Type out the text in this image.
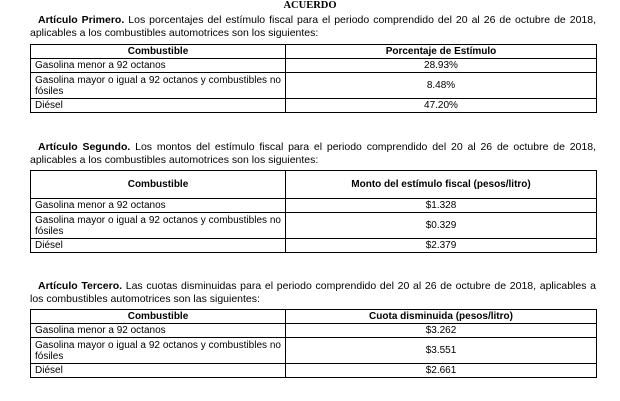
ACUERDO
Artículo Primero. Los porcentajes del estímulo fiscal para el periodo comprendido del 20 al 26 de octubre de 2018, aplicables a los combustibles automotrices son los siguientes:
Combustible	Porcentaje de Estímulo
Gasolina menor a 92 octanos	28.93%
Gasolina mayor o igual a 92 octanos y combustibles no fósiles	8.48%
Diésel	47.20%
Artículo Segundo. Los montos del estímulo fiscal para el periodo comprendido del 20 al 26 de octubre de 2018, aplicables a los combustibles automotrices son los siguientes:
Combustible	Monto del estímulo fiscal (pesos/litro)
Gasolina menor a 92 octanos	$1.328
Gasolina mayor o igual a 92 octanos y combustibles no fósiles	$0.329
Diésel	$2.379
Artículo Tercero. Las cuotas disminuidas para el periodo comprendido del 20 al 26 de octubre de 2018, aplicables a los combustibles automotrices son las siguientes:
Combustible	Cuota disminuida (pesos/litro)
Gasolina menor a 92 octanos	$3.262
Gasolina mayor o igual a 92 octanos y combustibles no fósiles	$3.551
Diésel	$2.661
